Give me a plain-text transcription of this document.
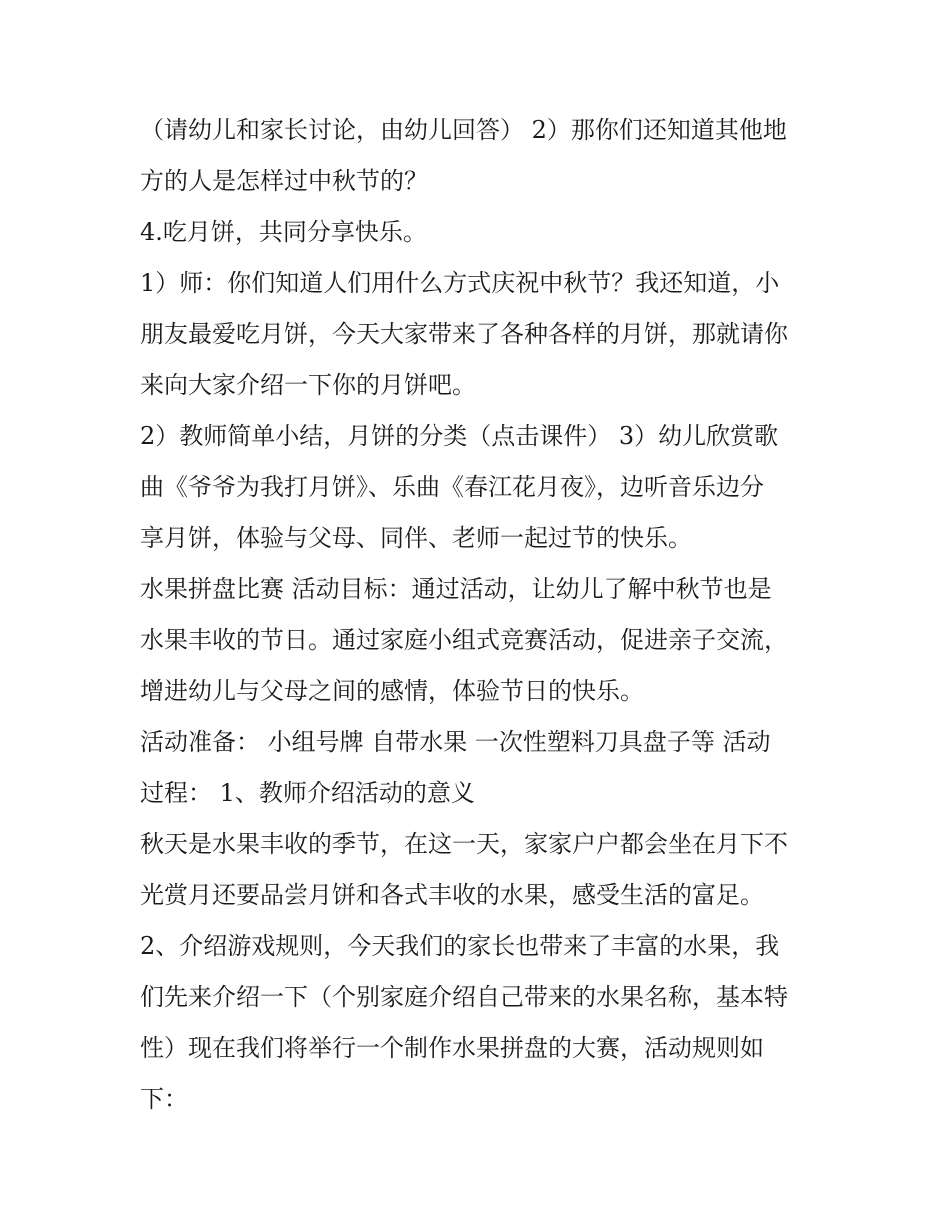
（请幼儿和家长讨论，由幼儿回答） 2）那你们还知道其他地
方的人是怎样过中秋节的？
4.吃月饼，共同分享快乐。
1）师：你们知道人们用什么方式庆祝中秋节？我还知道，小
朋友最爱吃月饼，今天大家带来了各种各样的月饼，那就请你
来向大家介绍一下你的月饼吧。
2）教师简单小结，月饼的分类（点击课件） 3）幼儿欣赏歌
曲《爷爷为我打月饼》、乐曲《春江花月夜》，边听音乐边分
享月饼，体验与父母、同伴、老师一起过节的快乐。
水果拼盘比赛 活动目标：通过活动，让幼儿了解中秋节也是
水果丰收的节日。通过家庭小组式竞赛活动，促进亲子交流，
增进幼儿与父母之间的感情，体验节日的快乐。
活动准备： 小组号牌 自带水果 一次性塑料刀具盘子等 活动
过程： 1、教师介绍活动的意义
秋天是水果丰收的季节，在这一天，家家户户都会坐在月下不
光赏月还要品尝月饼和各式丰收的水果，感受生活的富足。
2、介绍游戏规则，今天我们的家长也带来了丰富的水果，我
们先来介绍一下（个别家庭介绍自己带来的水果名称，基本特
性）现在我们将举行一个制作水果拼盘的大赛，活动规则如
下：
